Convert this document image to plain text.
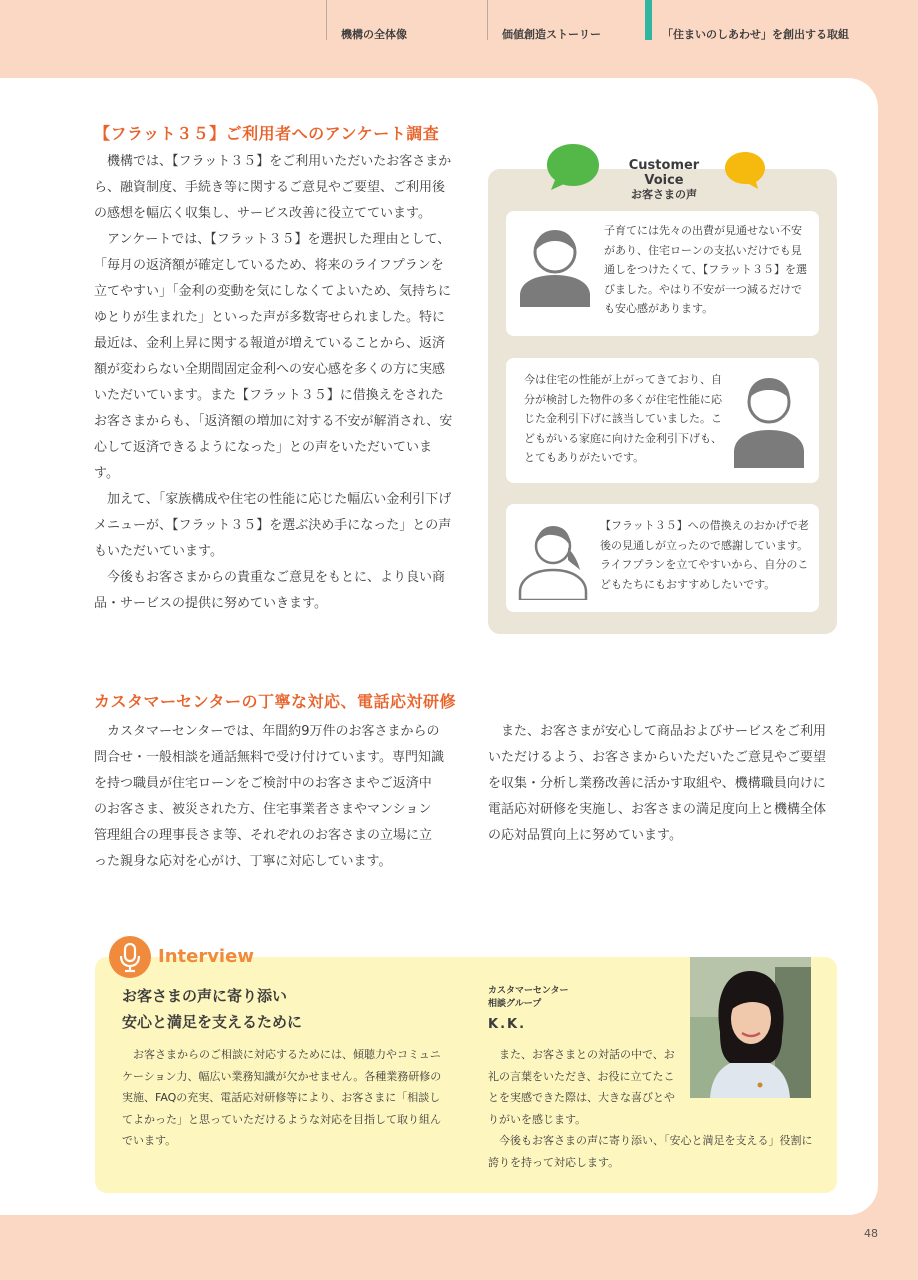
機構の全体像	価値創造ストーリー	「住まいのしあわせ」を創出する取組
【フラット３５】ご利用者へのアンケート調査

機構では、【フラット３５】をご利用いただいたお客さまから、融資制度、手続き等に関するご意見やご要望、ご利用後の感想を幅広く収集し、サービス改善に役立てています。

アンケートでは、【フラット３５】を選択した理由として、「毎月の返済額が確定しているため、将来のライフプランを立てやすい」「金利の変動を気にしなくてよいため、気持ちにゆとりが生まれた」といった声が多数寄せられました。特に最近は、金利上昇に関する報道が増えていることから、返済額が変わらない全期間固定金利への安心感を多くの方に実感いただいています。また【フラット３５】に借換えをされたお客さまからも、「返済額の増加に対する不安が解消され、安心して返済できるようになった」との声をいただいています。

加えて、「家族構成や住宅の性能に応じた幅広い金利引下げメニューが、【フラット３５】を選ぶ決め手になった」との声もいただいています。

今後もお客さまからの貴重なご意見をもとに、より良い商品・サービスの提供に努めていきます。

Customer Voice
お客さまの声
子育てには先々の出費が見通せない不安があり、住宅ローンの支払いだけでも見通しをつけたくて、【フラット３５】を選びました。やはり不安が一つ減るだけでも安心感があります。
今は住宅の性能が上がってきており、自分が検討した物件の多くが住宅性能に応じた金利引下げに該当していました。こどもがいる家庭に向けた金利引下げも、とてもありがたいです。
【フラット３５】への借換えのおかげで老後の見通しが立ったので感謝しています。ライフプランを立てやすいから、自分のこどもたちにもおすすめしたいです。
カスタマーセンターの丁寧な対応、電話応対研修

カスタマーセンターでは、年間約9万件のお客さまからの問合せ・一般相談を通話無料で受け付けています。専門知識を持つ職員が住宅ローンをご検討中のお客さまやご返済中のお客さま、被災された方、住宅事業者さまやマンション管理組合の理事長さま等、それぞれのお客さまの立場に立った親身な応対を心がけ、丁寧に対応しています。

また、お客さまが安心して商品およびサービスをご利用いただけるよう、お客さまからいただいたご意見やご要望を収集・分析し業務改善に活かす取組や、機構職員向けに電話応対研修を実施し、お客さまの満足度向上と機構全体の応対品質向上に努めています。

Interview
お客さまの声に寄り添い
安心と満足を支えるために

お客さまからのご相談に対応するためには、傾聴力やコミュニケーション力、幅広い業務知識が欠かせません。各種業務研修の実施、FAQの充実、電話応対研修等により、お客さまに「相談してよかった」と思っていただけるような対応を目指して取り組んでいます。

カスタマーセンター
相談グループ
K.K.

また、お客さまとの対話の中で、お礼の言葉をいただき、お役に立てたことを実感できた際は、大きな喜びとやりがいを感じます。

今後もお客さまの声に寄り添い、「安心と満足を支える」役割に誇りを持って対応します。

48
